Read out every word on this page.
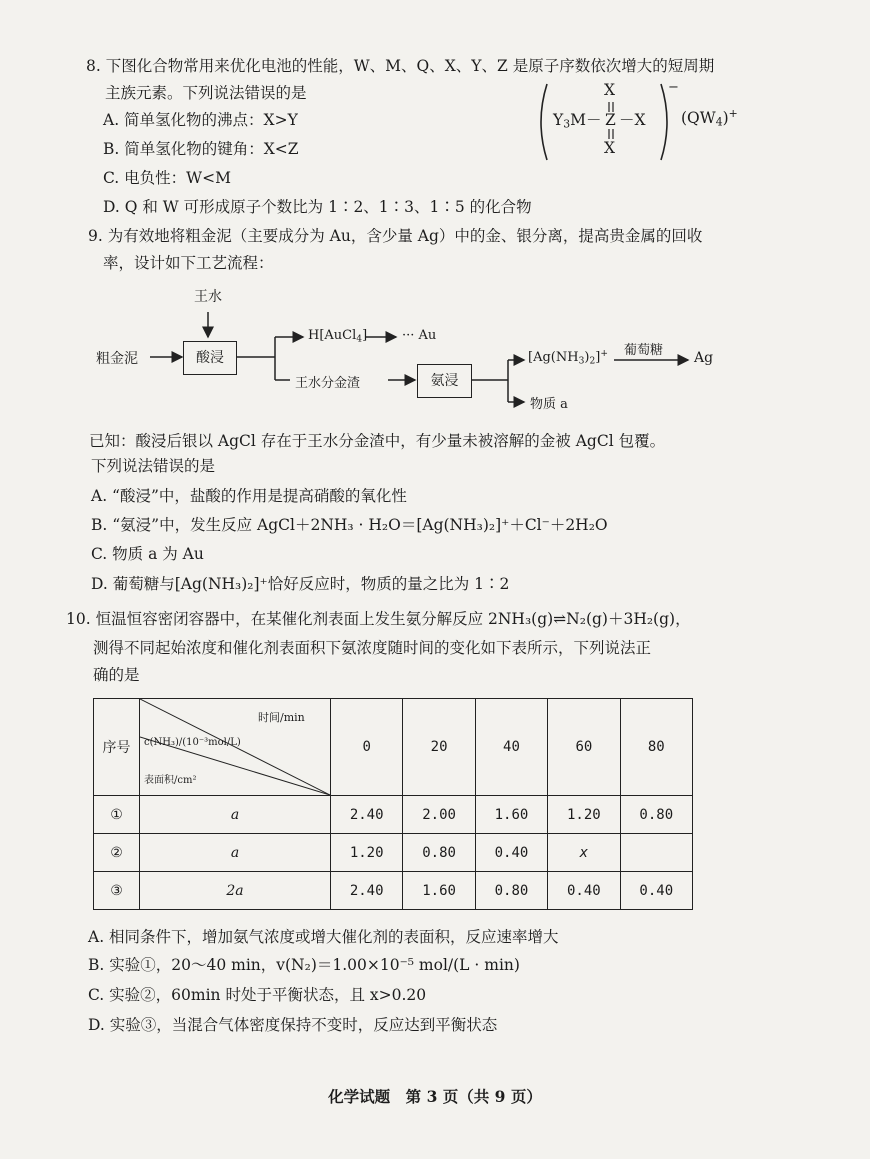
8. 下图化合物常用来优化电池的性能，W、M、Q、X、Y、Z 是原子序数依次增大的短周期
主族元素。下列说法错误的是
A. 简单氢化物的沸点：X>Y
B. 简单氢化物的键角：X<Z
C. 电负性：W<M
D. Q 和 W 可形成原子个数比为 1∶2、1∶3、1∶5 的化合物
X
$Y_3M- Z -X$
X
−
$(QW_4)^+$
9. 为有效地将粗金泥（主要成分为 Au，含少量 Ag）中的金、银分离，提高贵金属的回收
率，设计如下工艺流程：
王水
粗金泥	酸浸
H[AuCl$_4$]	··· Au
王水分金渣	氨浸
$[Ag(NH_3)_2]^+$ 葡萄糖 Ag
物质 a
已知：酸浸后银以 AgCl 存在于王水分金渣中，有少量未被溶解的金被 AgCl 包覆。
下列说法错误的是
A. “酸浸”中，盐酸的作用是提高硝酸的氧化性
B. “氨浸”中，发生反应 AgCl＋2NH₃ · H₂O＝[Ag(NH₃)₂]⁺＋Cl⁻＋2H₂O
C. 物质 a 为 Au
D. 葡萄糖与[Ag(NH₃)₂]⁺恰好反应时，物质的量之比为 1∶2
10. 恒温恒容密闭容器中，在某催化剂表面上发生氨分解反应 2NH₃(g)⇌N₂(g)＋3H₂(g)，
测得不同起始浓度和催化剂表面积下氨浓度随时间的变化如下表所示，下列说法正
确的是
序号	时间/min
c(NH₃)/(10⁻³mol/L)
表面积/cm²	0	20	40	60	80
①	a	2.40	2.00	1.60	1.20	0.80
②	a	1.20	0.80	0.40	x	
③	2a	2.40	1.60	0.80	0.40	0.40
A. 相同条件下，增加氨气浓度或增大催化剂的表面积，反应速率增大
B. 实验①，20～40 min，v(N₂)＝1.00×10⁻⁵ mol/(L · min)
C. 实验②，60min 时处于平衡状态，且 x>0.20
D. 实验③，当混合气体密度保持不变时，反应达到平衡状态
化学试题　第 3 页（共 9 页）
